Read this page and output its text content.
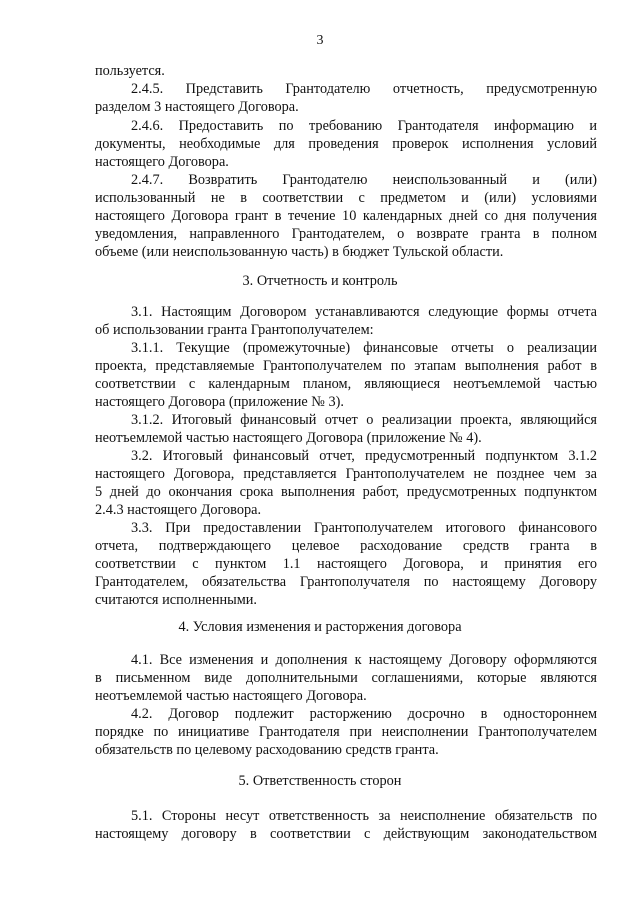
3
пользуется.
2.4.5. Представить Грантодателю отчетность, предусмотренную
разделом 3 настоящего Договора.
2.4.6. Предоставить по требованию Грантодателя информацию и
документы, необходимые для проведения проверок исполнения условий
настоящего Договора.
2.4.7. Возвратить Грантодателю неиспользованный и (или)
использованный не в соответствии с предметом и (или) условиями
настоящего Договора грант в течение 10 календарных дней со дня получения
уведомления, направленного Грантодателем, о возврате гранта в полном
объеме (или неиспользованную часть) в бюджет Тульской области.
3. Отчетность и контроль
3.1. Настоящим Договором устанавливаются следующие формы отчета
об использовании гранта Грантополучателем:
3.1.1. Текущие (промежуточные) финансовые отчеты о реализации
проекта, представляемые Грантополучателем по этапам выполнения работ в
соответствии с календарным планом, являющиеся неотъемлемой частью
настоящего Договора (приложение № 3).
3.1.2. Итоговый финансовый отчет о реализации проекта, являющийся
неотъемлемой частью настоящего Договора (приложение № 4).
3.2. Итоговый финансовый отчет, предусмотренный подпунктом 3.1.2
настоящего Договора, представляется Грантополучателем не позднее чем за
5 дней до окончания срока выполнения работ, предусмотренных подпунктом
2.4.3 настоящего Договора.
3.3. При предоставлении Грантополучателем итогового финансового
отчета, подтверждающего целевое расходование средств гранта в
соответствии с пунктом 1.1 настоящего Договора, и принятия его
Грантодателем, обязательства Грантополучателя по настоящему Договору
считаются исполненными.
4. Условия изменения и расторжения договора
4.1. Все изменения и дополнения к настоящему Договору оформляются
в письменном виде дополнительными соглашениями, которые являются
неотъемлемой частью настоящего Договора.
4.2. Договор подлежит расторжению досрочно в одностороннем
порядке по инициативе Грантодателя при неисполнении Грантополучателем
обязательств по целевому расходованию средств гранта.
5. Ответственность сторон
5.1. Стороны несут ответственность за неисполнение обязательств по
настоящему договору в соответствии с действующим законодательством
